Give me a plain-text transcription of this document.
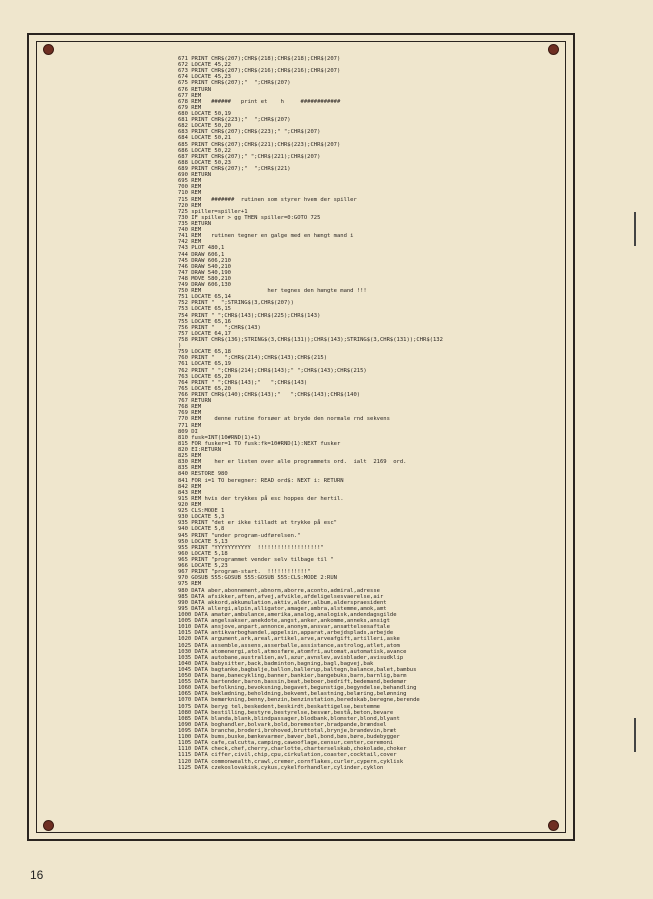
671 PRINT CHR$(207);CHR$(218);CHR$(218);CHR$(207)
672 LOCATE 45,22
673 PRINT CHR$(207);CHR$(216);CHR$(216);CHR$(207)
674 LOCATE 45,23
675 PRINT CHR$(207);"  ";CHR$(207)
676 RETURN
677 REM
678 REM   ######   print et    h     ############
679 REM
680 LOCATE 50,19
681 PRINT CHR$(223);"  ";CHR$(207)
682 LOCATE 50,20
683 PRINT CHR$(207);CHR$(223);" ";CHR$(207)
684 LOCATE 50,21
685 PRINT CHR$(207);CHR$(221);CHR$(223);CHR$(207)
686 LOCATE 50,22
687 PRINT CHR$(207);" ";CHR$(221);CHR$(207)
688 LOCATE 50,23
689 PRINT CHR$(207);"  ";CHR$(221)
690 RETURN
695 REM
700 REM
710 REM
715 REM   #######  rutinen som styrer hvem der spiller
720 REM
725 spiller=spiller+1
730 IF spiller > gg THEN spiller=0:GOTO 725
735 RETURN
740 REM
741 REM   rutinen tegner en galge med en hængt mand i
742 REM
743 PLOT 480,1
744 DRAW 606,1
745 DRAW 606,210
746 DRAW 540,210
747 DRAW 540,190
748 MOVE 580,210
749 DRAW 606,130
750 REM                    her tegnes den hængte mand !!!
751 LOCATE 65,14
752 PRINT "  ";STRING$(3,CHR$(207))
753 LOCATE 65,15
754 PRINT " ";CHR$(143);CHR$(225);CHR$(143)
755 LOCATE 65,16
756 PRINT "   ";CHR$(143)
757 LOCATE 64,17
758 PRINT CHR$(136);STRING$(3,CHR$(131));CHR$(143);STRING$(3,CHR$(131));CHR$(132
)
759 LOCATE 65,18
760 PRINT "   ";CHR$(214);CHR$(143);CHR$(215)
761 LOCATE 65,19
762 PRINT " ";CHR$(214);CHR$(143);" ";CHR$(143);CHR$(215)
763 LOCATE 65,20
764 PRINT " ";CHR$(143);"   ";CHR$(143)
765 LOCATE 65,20
766 PRINT CHR$(140);CHR$(143);"   ";CHR$(143);CHR$(140)
767 RETURN
768 REM
769 REM
770 REM    denne rutine forsøer at bryde den normale rnd sekvens
771 REM
809 DI
810 fusk=INT(10#RND(1)+1)
815 FOR fusker=1 TO fusk:fk=10#RND(1):NEXT fusker
820 EI:RETURN
825 REM
830 REM    her er listen over alle programmets ord.  ialt  2169  ord.
835 REM
840 RESTORE 980
841 FOR i=1 TO beregner: READ ord$: NEXT i: RETURN
842 REM
843 REM
915 REM hvis der trykkes på esc hoppes der hertil.
920 REM
925 CLS:MODE 1
930 LOCATE 5,3
935 PRINT "det er ikke tilladt at trykke på esc"
940 LOCATE 5,8
945 PRINT "under program-udførelsen."
950 LOCATE 5,13
955 PRINT "YYYYYYYYYYY  !!!!!!!!!!!!!!!!!!!"
960 LOCATE 5,18
965 PRINT "programmet vender selv tilbage til "
966 LOCATE 5,23
967 PRINT "program-start.  !!!!!!!!!!!!"
970 GOSUB 555:GOSUB 555:GOSUB 555:CLS:MODE 2:RUN
975 REM
980 DATA aber,abonnement,abnorm,aborre,aconto,admiral,adresse
985 DATA afsikker,aften,afvej,afvikle,afdeligelsesvaerelse,air
990 DATA akkord,akkumulation,aktiv,alder,album,alderspraesident
995 DATA allergi,alpin,alligator,amager,ambra,alstemme,amok,amt
1000 DATA amatør,ambulance,amerika,analog,analogisk,andendagsgilde
1005 DATA angelsakser,anekdote,angst,anker,ankomme,anneks,ansigt
1010 DATA ansjove,anpart,annonce,anonym,ansvar,ansættelsesaftale
1015 DATA antikvarboghandel,appelsin,apparat,arbejdsplads,arbejde
1020 DATA argument,ark,areal,artikel,arve,arveafgift,artilleri,aske
1025 DATA assemble,assens,asserballe,assistance,astrolog,atlet,atom
1030 DATA atomenergi,atol,atmosfære,atomfri,automat,automatisk,avance
1035 DATA autobane,australien,avl,azur,avnslev,avisblader,avisudklip
1040 DATA babysitter,back,badminton,bagning,bagl,bagvej,bak
1045 DATA bagtanke,bagbalje,ballon,ballerup,baltegn,balance,balet,bambus
1050 DATA bane,banecykling,banner,bankier,bangebuks,barn,barnlig,barm
1055 DATA bartender,baron,bassin,beat,beboer,bedrift,bedemand,bedemør
1060 DATA befolkning,bevoksning,begavet,begunstige,begyndelse,behandling
1065 DATA beklædning,beholdning,bekvemt,belastning,belæring,belønning
1070 DATA bemærkning,benny,benzin,benzinstation,beredskab,beregne,berende
1075 DATA beryg tel,beskedent,beskirdt,beskattigelse,bestemme
1080 DATA bestilling,bestyre,bestyrelse,besvær,bestå,beton,bevare
1085 DATA blanda,blank,blindpassager,blodbank,blomster,blond,blyant
1090 DATA boghandler,bolvark,bold,boremester,bradpande,brændsel
1095 DATA branche,broderi,brohoved,bruttotal,brynje,brandevin,bræt
1100 DATA bums,buske,bænkevarmer,bæver,bøl,bond,bøs,børe,budebygger
1105 DATA cafe,calcutta,camping,cawooflage,censur,center,ceremoni
1110 DATA check,chef,cherry,charlotte,charterselskab,chokolade,choker
1115 DATA ciffer,civil,chip,cpu,cirkulation,coaster,cocktail,cover
1120 DATA commonwealth,crawl,cremer,cornflakes,curler,cypern,cyklisk
1125 DATA czekoslovakisk,cykus,cykelforhandler,cylinder,cyklon
16
